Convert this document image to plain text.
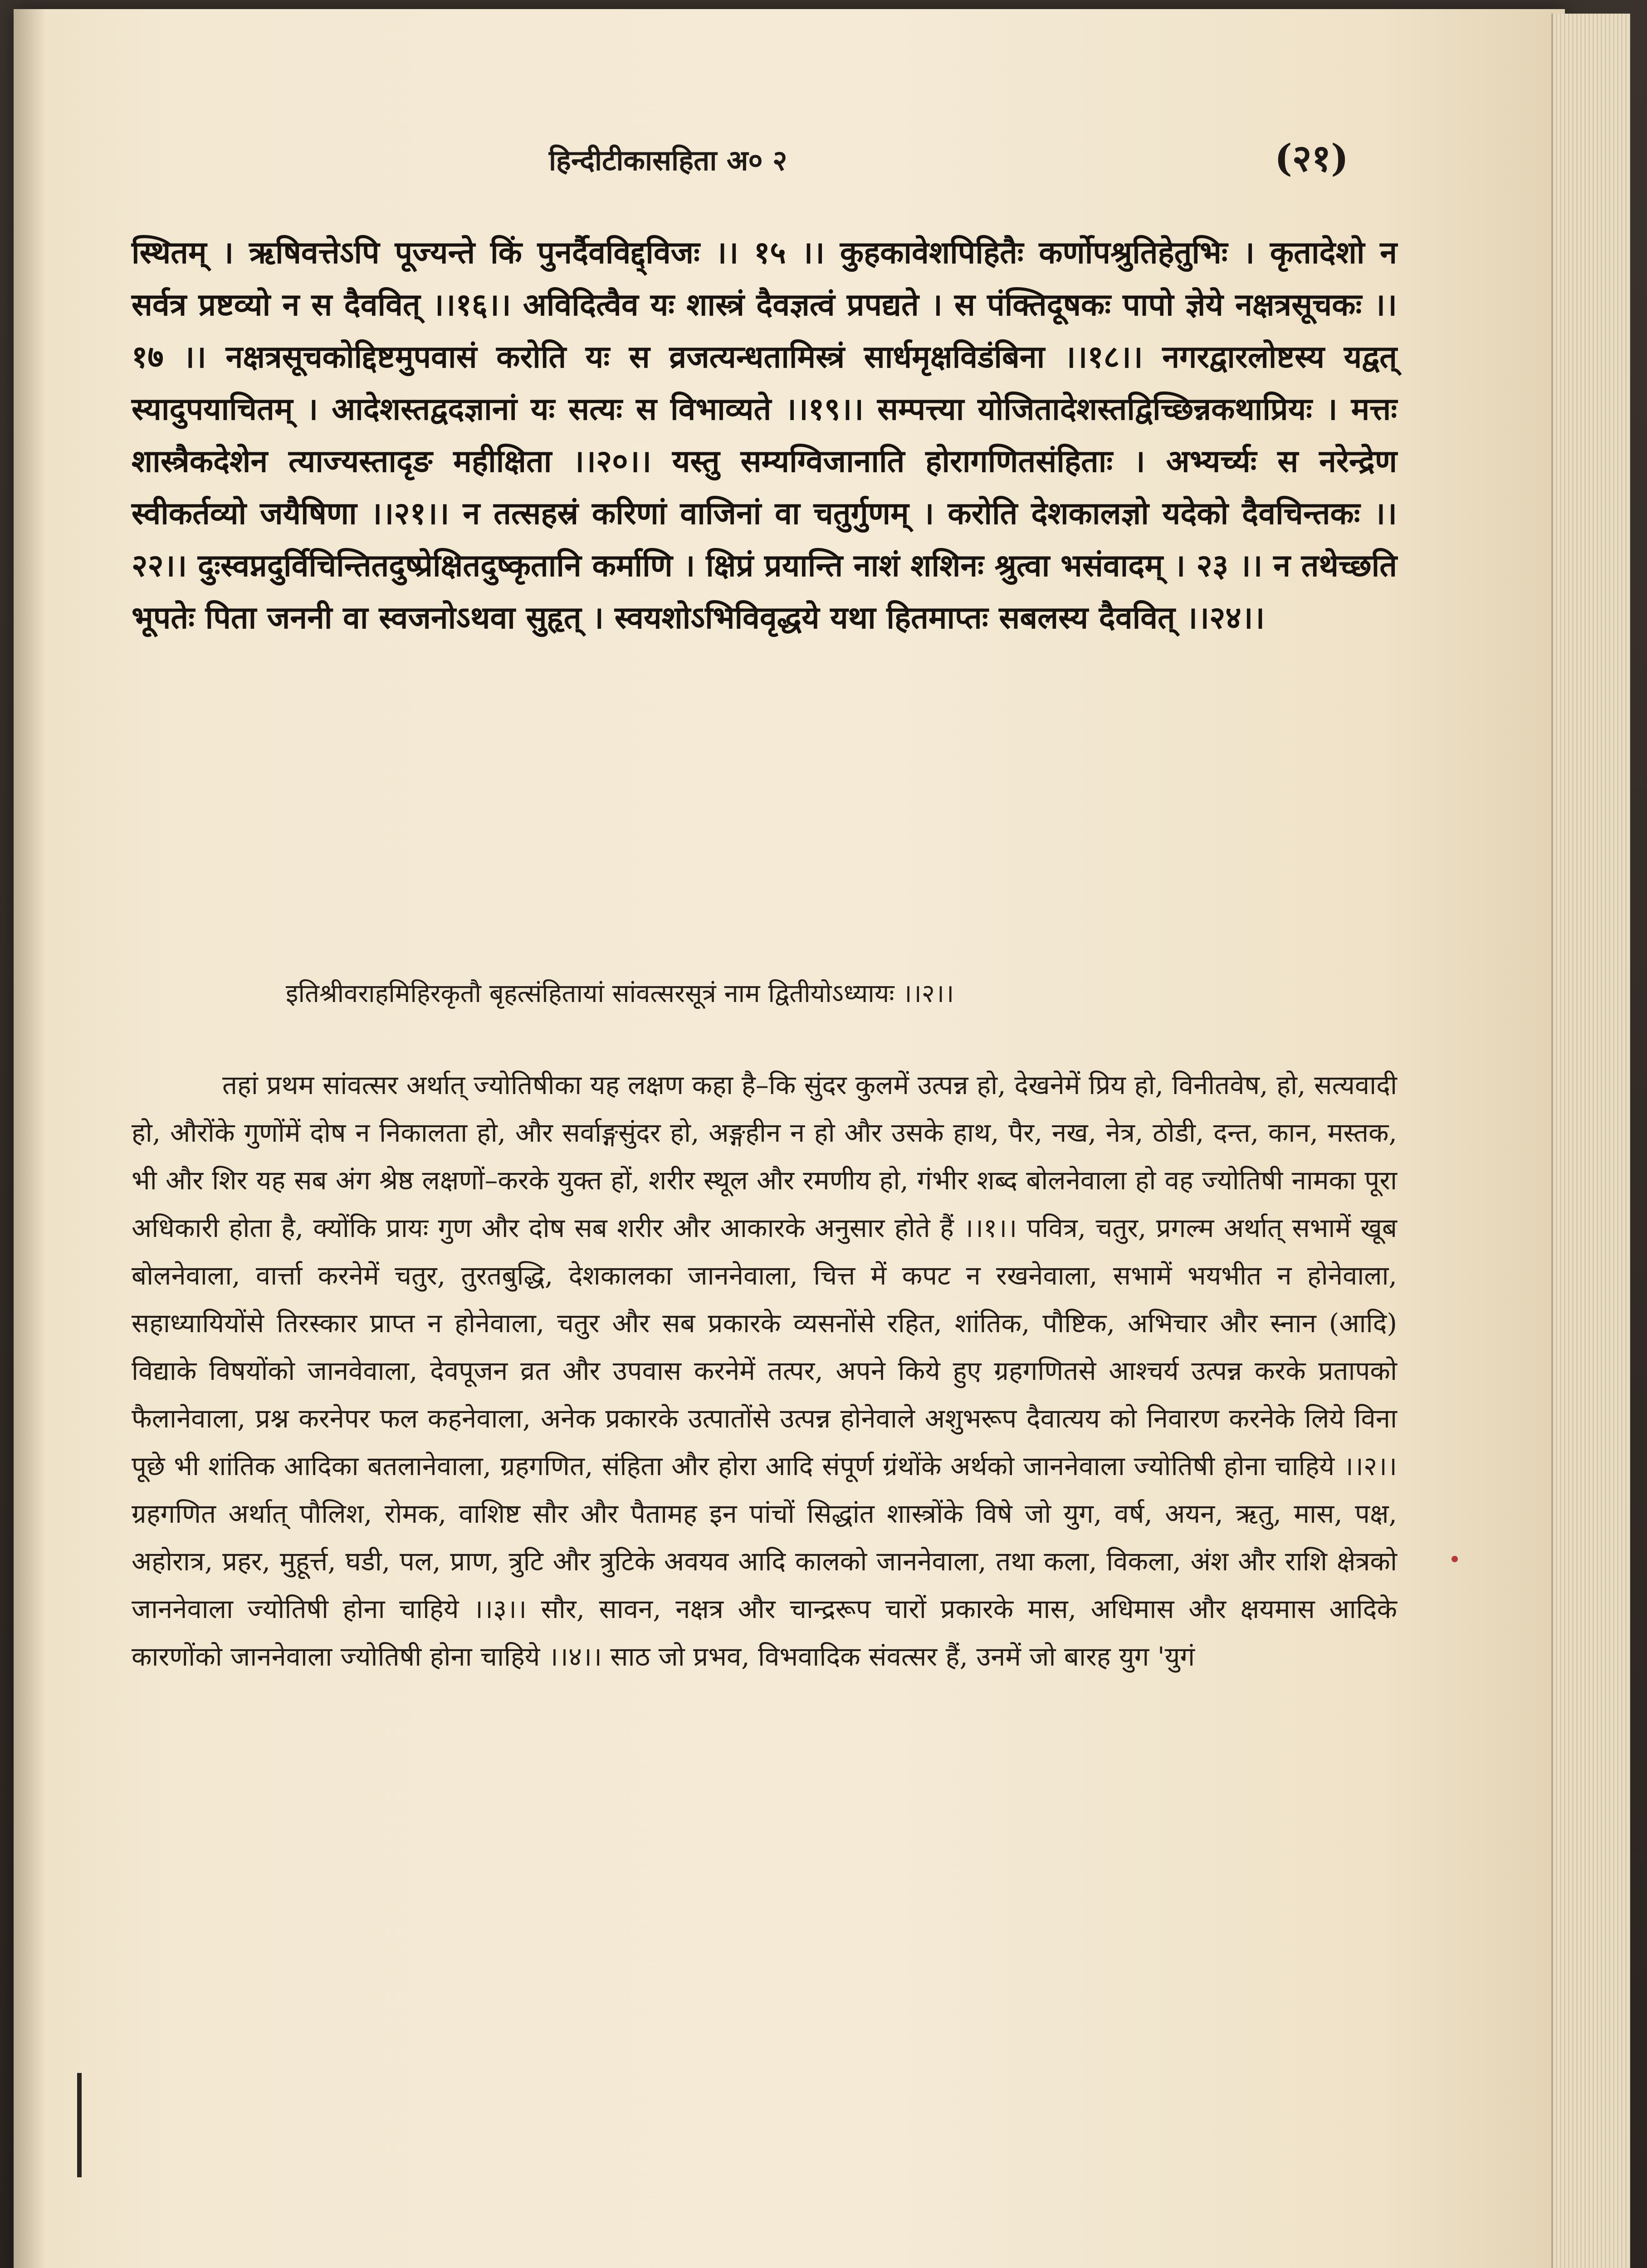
हिन्दीटीकासहिता अ० २	(२१)

स्थितम् । ऋषिवत्तेऽपि पूज्यन्ते किं पुनर्दैवविद्द्विजः ।। १५ ।। कुहकावेशपिहितैः कर्णोपश्रुतिहेतुभिः । कृतादेशो न सर्वत्र प्रष्टव्यो न स दैववित् ।।१६।। अविदित्वैव यः शास्त्रं दैवज्ञत्वं प्रपद्यते । स पंक्तिदूषकः पापो ज्ञेये नक्षत्रसूचकः ।। १७ ।। नक्षत्रसूचकोद्दिष्टमुपवासं करोति यः स व्रजत्यन्धतामिस्त्रं सार्धमृक्षविडंबिना ।।१८।। नगरद्वारलोष्टस्य यद्वत् स्यादुपयाचितम् । आदेशस्तद्वदज्ञानां यः सत्यः स विभाव्यते ।।१९।। सम्पत्त्या योजितादेशस्तद्विच्छिन्नकथाप्रियः । मत्तः शास्त्रैकदेशेन त्याज्यस्तादृङ महीक्षिता ।।२०।। यस्तु सम्यग्विजानाति होरागणितसंहिताः । अभ्यर्च्यः स नरेन्द्रेण स्वीकर्तव्यो जयैषिणा ।।२१।। न तत्सहस्रं करिणां वाजिनां वा चतुर्गुणम् । करोति देशकालज्ञो यदेको दैवचिन्तकः ।।२२।। दुःस्वप्नदुर्विचिन्तितदुष्प्रेक्षितदुष्कृतानि कर्माणि । क्षिप्रं प्रयान्ति नाशं शशिनः श्रुत्वा भसंवादम् । २३ ।। न तथेच्छति भूपतेः पिता जननी वा स्वजनोऽथवा सुहृत् । स्वयशोऽभिविवृद्धये यथा हितमाप्तः सबलस्य दैववित् ।।२४।।

इतिश्रीवराहमिहिरकृतौ बृहत्संहितायां सांवत्सरसूत्रं नाम द्वितीयोऽध्यायः ।।२।।

तहां प्रथम सांवत्सर अर्थात् ज्योतिषीका यह लक्षण कहा है–कि सुंदर कुलमें उत्पन्न हो, देखनेमें प्रिय हो, विनीतवेष, हो, सत्यवादी हो, औरोंके गुणोंमें दोष न निकालता हो, और सर्वाङ्गसुंदर हो, अङ्गहीन न हो और उसके हाथ, पैर, नख, नेत्र, ठोडी, दन्त, कान, मस्तक, भी और शिर यह सब अंग श्रेष्ठ लक्षणों–करके युक्त हों, शरीर स्थूल और रमणीय हो, गंभीर शब्द बोलनेवाला हो वह ज्योतिषी नामका पूरा अधिकारी होता है, क्योंकि प्रायः गुण और दोष सब शरीर और आकारके अनुसार होते हैं ।।१।। पवित्र, चतुर, प्रगल्म अर्थात् सभामें खूब बोलनेवाला, वार्त्ता करनेमें चतुर, तुरतबुद्धि, देशकालका जाननेवाला, चित्त में कपट न रखनेवाला, सभामें भयभीत न होनेवाला, सहाध्यायियोंसे तिरस्कार प्राप्त न होनेवाला, चतुर और सब प्रकारके व्यसनोंसे रहित, शांतिक, पौष्टिक, अभिचार और स्नान (आदि) विद्याके विषयोंको जानवेवाला, देवपूजन व्रत और उपवास करनेमें तत्पर, अपने किये हुए ग्रहगणितसे आश्चर्य उत्पन्न करके प्रतापको फैलानेवाला, प्रश्न करनेपर फल कहनेवाला, अनेक प्रकारके उत्पातोंसे उत्पन्न होनेवाले अशुभरूप दैवात्यय को निवारण करनेके लिये विना पूछे भी शांतिक आदिका बतलानेवाला, ग्रहगणित, संहिता और होरा आदि संपूर्ण ग्रंथोंके अर्थको जाननेवाला ज्योतिषी होना चाहिये ।।२।। ग्रहगणित अर्थात् पौलिश, रोमक, वाशिष्ट सौर और पैतामह इन पांचों सिद्धांत शास्त्रोंके विषे जो युग, वर्ष, अयन, ऋतु, मास, पक्ष, अहोरात्र, प्रहर, मुहूर्त्त, घडी, पल, प्राण, त्रुटि और त्रुटिके अवयव आदि कालको जाननेवाला, तथा कला, विकला, अंश और राशि क्षेत्रको जाननेवाला ज्योतिषी होना चाहिये ।।३।। सौर, सावन, नक्षत्र और चान्द्ररूप चारों प्रकारके मास, अधिमास और क्षयमास आदिके कारणोंको जाननेवाला ज्योतिषी होना चाहिये ।।४।। साठ जो प्रभव, विभवादिक संवत्सर हैं, उनमें जो बारह युग 'युगं
